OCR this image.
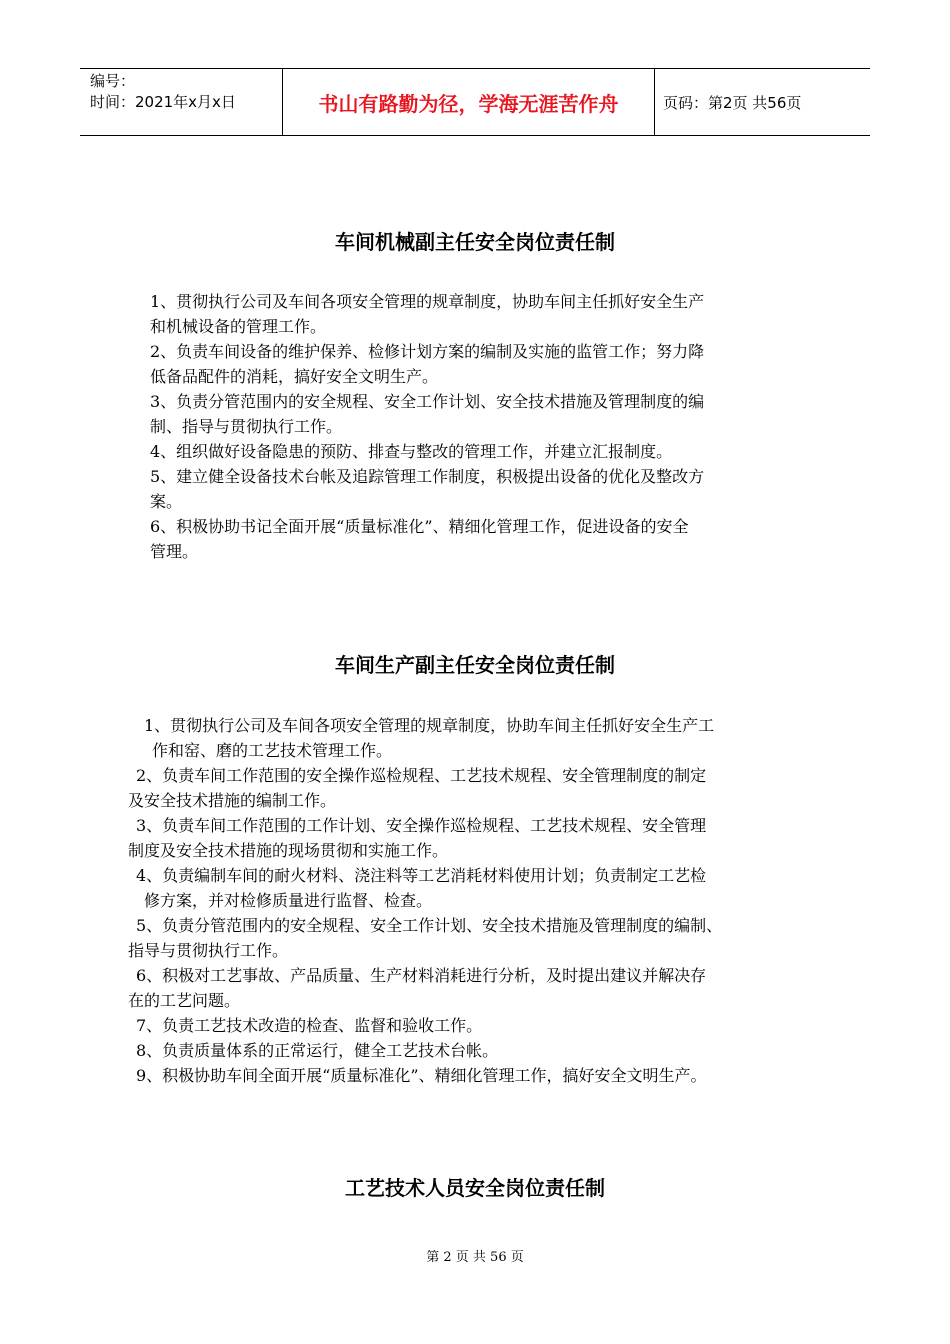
编号：
时间：2021年x月x日	书山有路勤为径，学海无涯苦作舟	页码：第2页 共56页
车间机械副主任安全岗位责任制
1、贯彻执行公司及车间各项安全管理的规章制度，协助车间主任抓好安全生产
和机械设备的管理工作。
2、负责车间设备的维护保养、检修计划方案的编制及实施的监管工作；努力降
低备品配件的消耗，搞好安全文明生产。
3、负责分管范围内的安全规程、安全工作计划、安全技术措施及管理制度的编
制、指导与贯彻执行工作。
4、组织做好设备隐患的预防、排查与整改的管理工作，并建立汇报制度。
5、建立健全设备技术台帐及追踪管理工作制度，积极提出设备的优化及整改方
案。
6、积极协助书记全面开展“质量标准化”、精细化管理工作，促进设备的安全
管理。
车间生产副主任安全岗位责任制
1、贯彻执行公司及车间各项安全管理的规章制度，协助车间主任抓好安全生产工
作和窑、磨的工艺技术管理工作。
2、负责车间工作范围的安全操作巡检规程、工艺技术规程、安全管理制度的制定
及安全技术措施的编制工作。
3、负责车间工作范围的工作计划、安全操作巡检规程、工艺技术规程、安全管理
制度及安全技术措施的现场贯彻和实施工作。
4、负责编制车间的耐火材料、浇注料等工艺消耗材料使用计划；负责制定工艺检
修方案，并对检修质量进行监督、检查。
5、负责分管范围内的安全规程、安全工作计划、安全技术措施及管理制度的编制、
指导与贯彻执行工作。
6、积极对工艺事故、产品质量、生产材料消耗进行分析，及时提出建议并解决存
在的工艺问题。
7、负责工艺技术改造的检查、监督和验收工作。
8、负责质量体系的正常运行，健全工艺技术台帐。
9、积极协助车间全面开展“质量标准化”、精细化管理工作，搞好安全文明生产。
工艺技术人员安全岗位责任制
第 2 页 共 56 页
